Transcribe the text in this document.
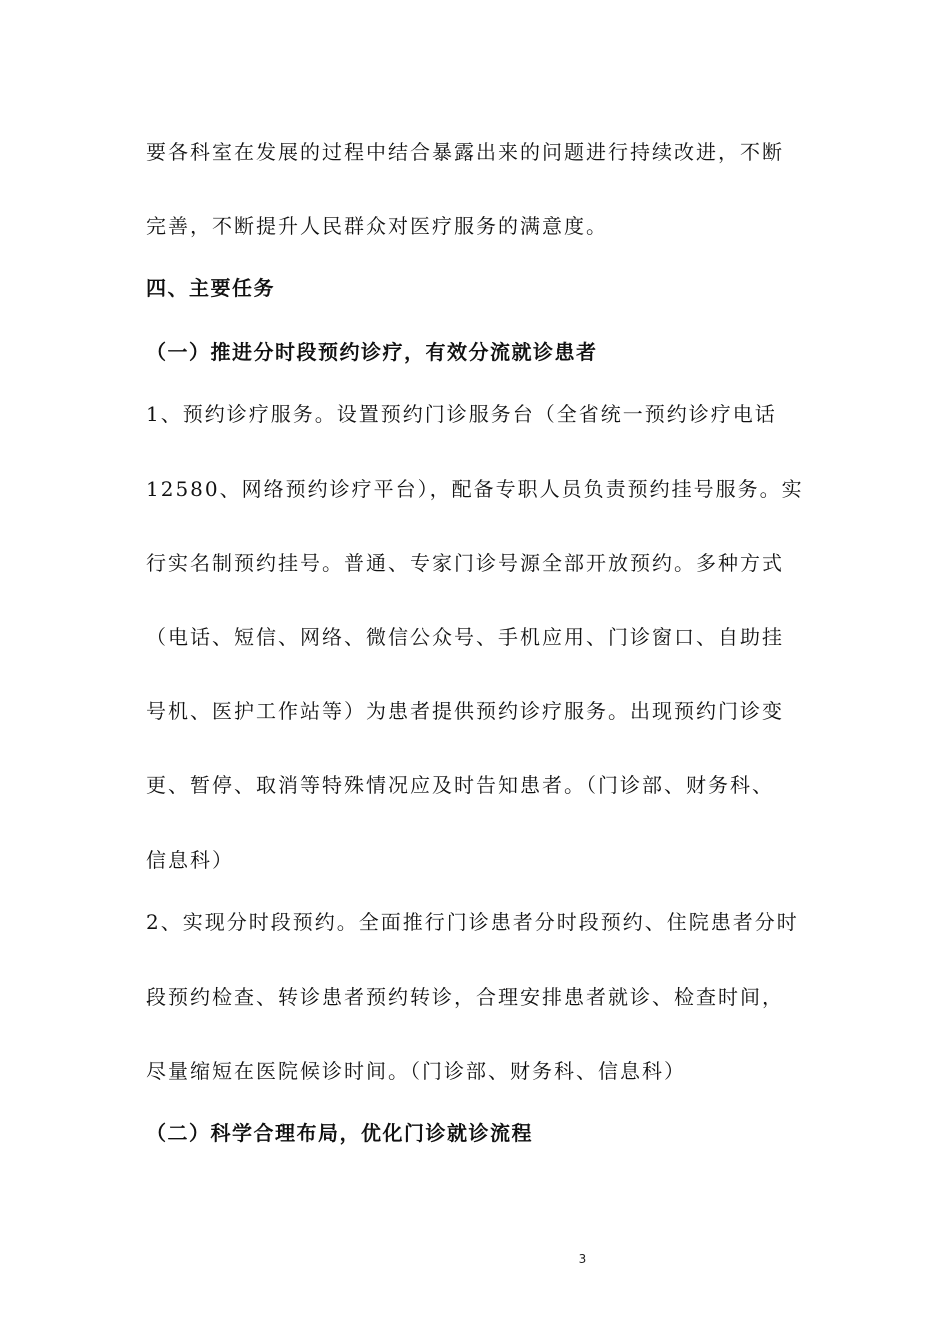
要各科室在发展的过程中结合暴露出来的问题进行持续改进，不断
完善，不断提升人民群众对医疗服务的满意度。
四、主要任务
（一）推进分时段预约诊疗，有效分流就诊患者
1、预约诊疗服务。设置预约门诊服务台（全省统一预约诊疗电话
12580、网络预约诊疗平台），配备专职人员负责预约挂号服务。实
行实名制预约挂号。普通、专家门诊号源全部开放预约。多种方式
（电话、短信、网络、微信公众号、手机应用、门诊窗口、自助挂
号机、医护工作站等）为患者提供预约诊疗服务。出现预约门诊变
更、暂停、取消等特殊情况应及时告知患者。（门诊部、财务科、
信息科）
2、实现分时段预约。全面推行门诊患者分时段预约、住院患者分时
段预约检查、转诊患者预约转诊，合理安排患者就诊、检查时间，
尽量缩短在医院候诊时间。（门诊部、财务科、信息科）
（二）科学合理布局，优化门诊就诊流程
3
